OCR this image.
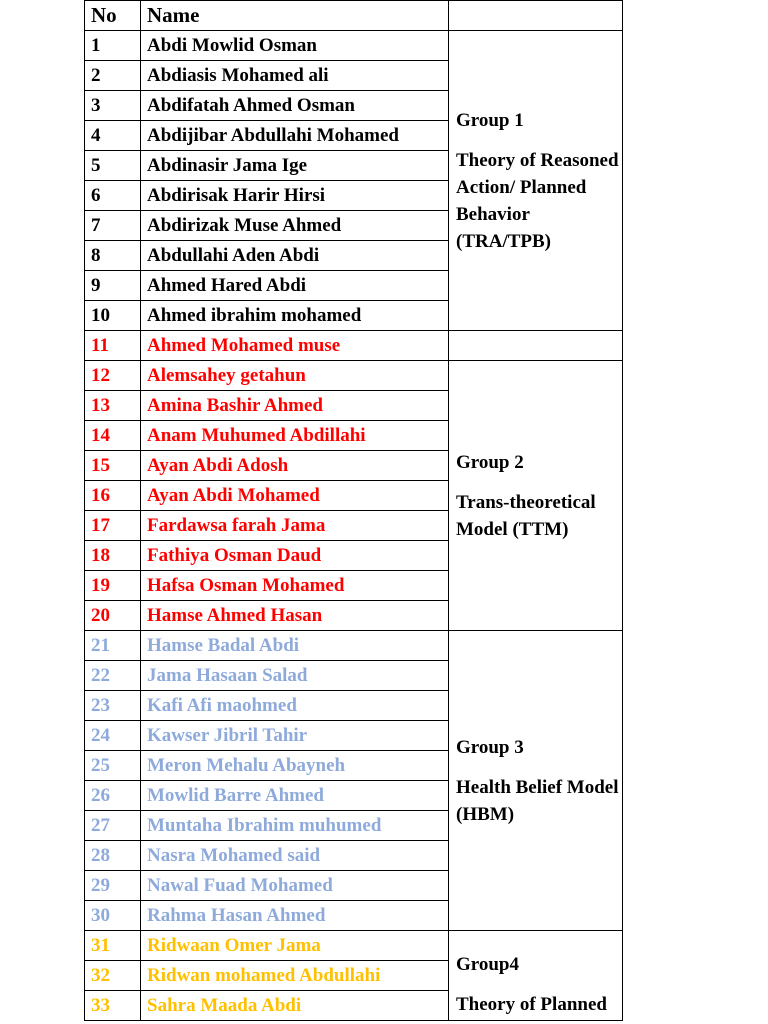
No	Name	
1	Abdi Mowlid Osman	Group 1
Theory of Reasoned Action/ Planned Behavior (TRA/TPB)

2	Abdiasis Mohamed ali	
3	Abdifatah Ahmed Osman	
4	Abdijibar Abdullahi Mohamed	
5	Abdinasir Jama Ige	
6	Abdirisak Harir Hirsi	
7	Abdirizak Muse Ahmed	
8	Abdullahi Aden Abdi	
9	Ahmed Hared Abdi	
10	Ahmed ibrahim mohamed	
11	Ahmed Mohamed muse	
12	Alemsahey getahun	Group 2
Trans-theoretical Model (TTM)

13	Amina Bashir Ahmed	
14	Anam Muhumed Abdillahi	
15	Ayan Abdi Adosh	
16	Ayan Abdi Mohamed	
17	Fardawsa farah Jama	
18	Fathiya Osman Daud	
19	Hafsa Osman Mohamed	
20	Hamse Ahmed Hasan	
21	Hamse Badal Abdi	Group 3
Health Belief Model (HBM)

22	Jama Hasaan Salad	
23	Kafi Afi maohmed	
24	Kawser Jibril Tahir	
25	Meron Mehalu Abayneh	
26	Mowlid Barre Ahmed	
27	Muntaha Ibrahim muhumed	
28	Nasra Mohamed said	
29	Nawal Fuad Mohamed	
30	Rahma Hasan Ahmed	
31	Ridwaan Omer Jama	Group4
Theory of Planned

32	Ridwan mohamed Abdullahi	
33	Sahra Maada Abdi	
